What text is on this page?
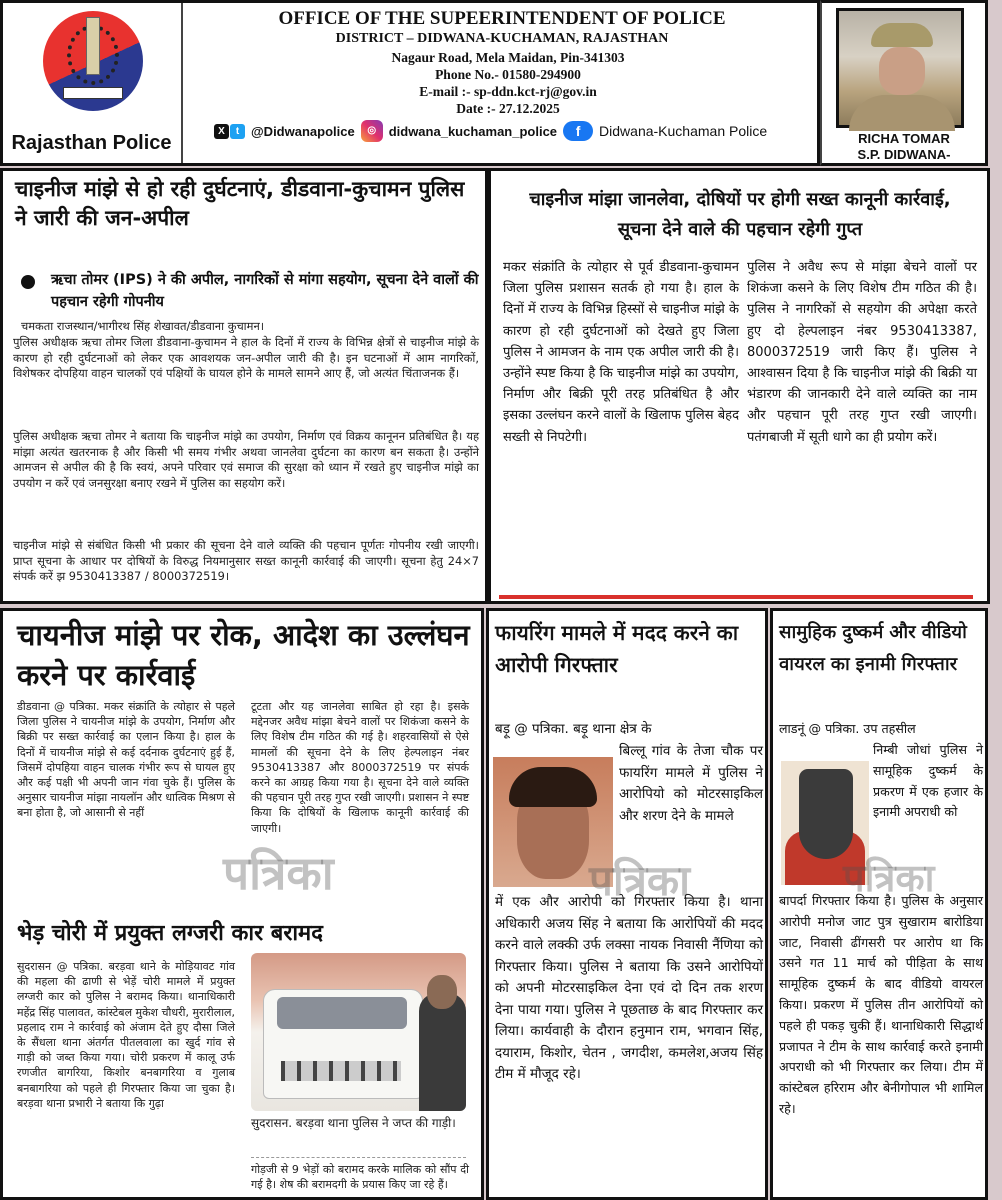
Rajasthan Police
OFFICE OF THE SUPEERINTENDENT OF POLICE
DISTRICT – DIDWANA-KUCHAMAN, RAJASTHAN
Nagaur Road, Mela Maidan, Pin-341303
Phone No.- 01580-294900
E-mail :- sp-ddn.kct-rj@gov.in
Date :- 27.12.2025
X	t @Didwanapolice	◎ didwana_kuchaman_police	f	Didwana-Kuchaman Police	RICHA TOMAR
S.P. DIDWANA-
चाइनीज मांझे से हो रही दुर्घटनाएं, डीडवाना-कुचामन पुलिस ने जारी की जन-अपील
ऋचा तोमर (IPS) ने की अपील, नागरिकों से मांगा सहयोग, सूचना देने वालों की पहचान रहेगी गोपनीय
चमकता राजस्थान/भागीरथ सिंह शेखावत/डीडवाना कुचामन।
पुलिस अधीक्षक ऋचा तोमर जिला डीडवाना-कुचामन ने हाल के दिनों में राज्य के विभिन्न क्षेत्रों से चाइनीज मांझे के कारण हो रही दुर्घटनाओं को लेकर एक आवशयक जन-अपील जारी की है। इन घटनाओं में आम नागरिकों, विशेषकर दोपहिया वाहन चालकों एवं पक्षियों के घायल होने के मामले सामने आए हैं, जो अत्यंत चिंताजनक हैं।
पुलिस अधीक्षक ऋचा तोमर ने बताया कि चाइनीज मांझे का उपयोग, निर्माण एवं विक्रय कानूनन प्रतिबंधित है। यह मांझा अत्यंत खतरनाक है और किसी भी समय गंभीर अथवा जानलेवा दुर्घटना का कारण बन सकता है। उन्होंने आमजन से अपील की है कि स्वयं, अपने परिवार एवं समाज की सुरक्षा को ध्यान में रखते हुए चाइनीज मांझे का उपयोग न करें एवं जनसुरक्षा बनाए रखने में पुलिस का सहयोग करें।
चाइनीज मांझे से संबंधित किसी भी प्रकार की सूचना देने वाले व्यक्ति की पहचान पूर्णतः गोपनीय रखी जाएगी। प्राप्त सूचना के आधार पर दोषियों के विरुद्ध नियमानुसार सख्त कानूनी कार्रवाई की जाएगी। सूचना हेतु 24×7 संपर्क करें झ 9530413387 / 8000372519।
चाइनीज मांझा जानलेवा, दोषियों पर होगी सख्त कानूनी कार्रवाई, सूचना देने वाले की पहचान रहेगी गुप्त
मकर संक्रांति के त्योहार से पूर्व डीडवाना-कुचामन जिला पुलिस प्रशासन सतर्क हो गया है। हाल के दिनों में राज्य के विभिन्न हिस्सों से चाइनीज मांझे के कारण हो रही दुर्घटनाओं को देखते हुए जिला पुलिस ने आमजन के नाम एक अपील जारी की है। उन्होंने स्पष्ट किया है कि चाइनीज मांझे का उपयोग, निर्माण और बिक्री पूरी तरह प्रतिबंधित है और इसका उल्लंघन करने वालों के खिलाफ पुलिस बेहद सख्ती से निपटेगी।
पुलिस ने अवैध रूप से मांझा बेचने वालों पर शिकंजा कसने के लिए विशेष टीम गठित की है। पुलिस ने नागरिकों से सहयोग की अपेक्षा करते हुए दो हेल्पलाइन नंबर 9530413387, 8000372519 जारी किए हैं। पुलिस ने आश्वासन दिया है कि चाइनीज मांझे की बिक्री या भंडारण की जानकारी देने वाले व्यक्ति का नाम और पहचान पूरी तरह गुप्त रखी जाएगी। पतंगबाजी में सूती धागे का ही प्रयोग करें।
चायनीज मांझे पर रोक, आदेश का उल्लंघन करने पर कार्रवाई
डीडवाना @ पत्रिका. मकर संक्रांति के त्योहार से पहले जिला पुलिस ने चायनीज मांझे के उपयोग, निर्माण और बिक्री पर सख्त कार्रवाई का एलान किया है। हाल के दिनों में चायनीज मांझे से कई दर्दनाक दुर्घटनाएं हुई हैं, जिसमें दोपहिया वाहन चालक गंभीर रूप से घायल हुए और कई पक्षी भी अपनी जान गंवा चुके हैं। पुलिस के अनुसार चायनीज मांझा नायलॉन और धात्विक मिश्रण से बना होता है, जो आसानी से नहीं
टूटता और यह जानलेवा साबित हो रहा है। इसके मद्देनजर अवैध मांझा बेचने वालों पर शिकंजा कसने के लिए विशेष टीम गठित की गई है। शहरवासियों से ऐसे मामलों की सूचना देने के लिए हेल्पलाइन नंबर 9530413387 और 8000372519 पर संपर्क करने का आग्रह किया गया है। सूचना देने वाले व्यक्ति की पहचान पूरी तरह गुप्त रखी जाएगी। प्रशासन ने स्पष्ट किया कि दोषियों के खिलाफ कानूनी कार्रवाई की जाएगी।
पत्रिका
भेड़ चोरी में प्रयुक्त लग्जरी कार बरामद
सुदरासन @ पत्रिका. बरड़वा थाने के मोड़ियावट गांव की महला की ढाणी से भेड़ें चोरी मामले में प्रयुक्त लग्जरी कार को पुलिस ने बरामद किया। थानाधिकारी महेंद्र सिंह पालावत, कांस्टेबल मुकेश चौधरी, मुरारीलाल, प्रहलाद राम ने कार्रवाई को अंजाम देते हुए दौसा जिले के सैंधला थाना अंतर्गत पीतलवाला का खुर्द गांव से गाड़ी को जब्त किया गया। चोरी प्रकरण में कालू उर्फ रणजीत बागरिया, किशोर बनबागरिया व गुलाब बनबागरिया को पहले ही गिरफ्तार किया जा चुका है। बरड़वा थाना प्रभारी ने बताया कि गुढ़ा
सुदरासन. बरड़वा थाना पुलिस ने जप्त की गाड़ी।
गोड़जी से 9 भेड़ों को बरामद करके मालिक को सौंप दी गई है। शेष की बरामदगी के प्रयास किए जा रहे हैं।
फायरिंग मामले में मदद करने का आरोपी गिरफ्तार
बड़ू @ पत्रिका. बड़ू थाना क्षेत्र के
बिल्लू गांव के तेजा चौक पर फायरिंग मामले में पुलिस ने आरोपियो को मोटरसाइकिल और शरण देने के मामले
में एक और आरोपी को गिरफ्तार किया है। थाना अधिकारी अजय सिंह ने बताया कि आरोपियों की मदद करने वाले लक्की उर्फ लक्सा नायक निवासी नैंणिया को गिरफ्तार किया। पुलिस ने बताया कि उसने आरोपियों को अपनी मोटरसाइकिल देना एवं दो दिन तक शरण देना पाया गया। पुलिस ने पूछताछ के बाद गिरफ्तार कर लिया। कार्यवाही के दौरान हनुमान राम, भगवान सिंह, दयाराम, किशोर, चेतन , जगदीश, कमलेश,अजय सिंह टीम में मौजूद रहे।
पत्रिका
सामुहिक दुष्कर्म और वीडियो वायरल का इनामी गिरफ्तार
लाडनूं @ पत्रिका. उप तहसील
निम्बी जोधां पुलिस ने सामूहिक दुष्कर्म के प्रकरण में एक हजार के इनामी अपराधी को
बापर्दा गिरफ्तार किया है। पुलिस के अनुसार आरोपी मनोज जाट पुत्र सुखाराम बारोडिया जाट, निवासी ढींगसरी पर आरोप था कि उसने गत 11 मार्च को पीड़िता के साथ सामूहिक दुष्कर्म के बाद वीडियो वायरल किया। प्रकरण में पुलिस तीन आरोपियों को पहले ही पकड़ चुकी हैं। थानाधिकारी सिद्धार्थ प्रजापत ने टीम के साथ कार्रवाई करते इनामी अपराधी को भी गिरफ्तार कर लिया। टीम में कांस्टेबल हरिराम और बेनीगोपाल भी शामिल रहे।
पत्रिका
